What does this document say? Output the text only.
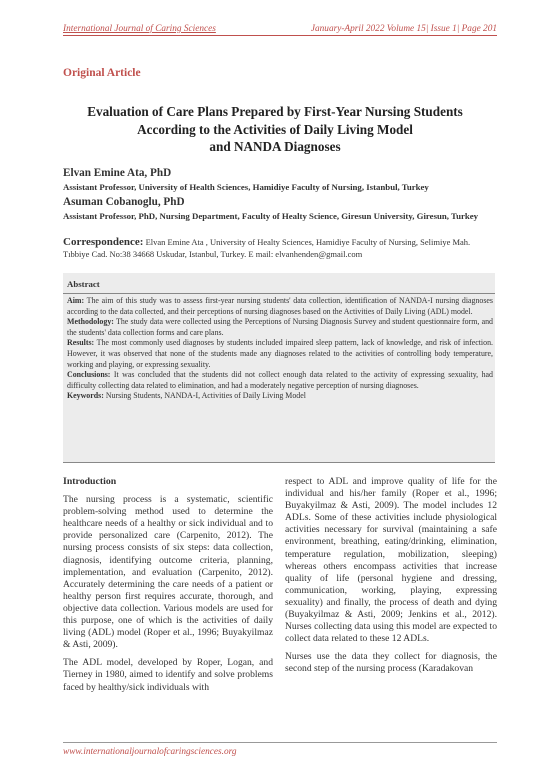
International Journal of Caring Sciences	January-April 2022 Volume 15| Issue 1| Page 201
Original Article
Evaluation of Care Plans Prepared by First-Year Nursing Students
According to the Activities of Daily Living Model
and NANDA Diagnoses
Elvan Emine Ata, PhD
Assistant Professor, University of Health Sciences, Hamidiye Faculty of Nursing, Istanbul, Turkey
Asuman Cobanoglu, PhD
Assistant Professor, PhD, Nursing Department, Faculty of Healty Science, Giresun University, Giresun, Turkey
Correspondence: Elvan Emine Ata , University of Healty Sciences, Hamidiye Faculty of Nursing, Selimiye Mah. Tıbbiye Cad. No:38 34668 Uskudar, Istanbul, Turkey. E mail: elvanhenden@gmail.com
Abstract

Aim: The aim of this study was to assess first-year nursing students' data collection, identification of NANDA-I nursing diagnoses according to the data collected, and their perceptions of nursing diagnoses based on the Activities of Daily Living (ADL) model.

Methodology: The study data were collected using the Perceptions of Nursing Diagnosis Survey and student questionnaire form, and the students' data collection forms and care plans.

Results: The most commonly used diagnoses by students included impaired sleep pattern, lack of knowledge, and risk of infection. However, it was observed that none of the students made any diagnoses related to the activities of controlling body temperature, working and playing, or expressing sexuality.

Conclusions: It was concluded that the students did not collect enough data related to the activity of expressing sexuality, had difficulty collecting data related to elimination, and had a moderately negative perception of nursing diagnoses.

Keywords: Nursing Students, NANDA-I, Activities of Daily Living Model

Introduction

The nursing process is a systematic, scientific problem-solving method used to determine the healthcare needs of a healthy or sick individual and to provide personalized care (Carpenito, 2012). The nursing process consists of six steps: data collection, diagnosis, identifying outcome criteria, planning, implementation, and evaluation (Carpenito, 2012). Accurately determining the care needs of a patient or healthy person first requires accurate, thorough, and objective data collection. Various models are used for this purpose, one of which is the activities of daily living (ADL) model (Roper et al., 1996; Buyakyilmaz & Asti, 2009).

The ADL model, developed by Roper, Logan, and Tierney in 1980, aimed to identify and solve problems faced by healthy/sick individuals with

respect to ADL and improve quality of life for the individual and his/her family (Roper et al., 1996; Buyakyilmaz & Asti, 2009). The model includes 12 ADLs. Some of these activities include physiological activities necessary for survival (maintaining a safe environment, breathing, eating/drinking, elimination, temperature regulation, mobilization, sleeping) whereas others encompass activities that increase quality of life (personal hygiene and dressing, communication, working, playing, expressing sexuality) and finally, the process of death and dying (Buyakyilmaz & Asti, 2009; Jenkins et al., 2012). Nurses collecting data using this model are expected to collect data related to these 12 ADLs.

Nurses use the data they collect for diagnosis, the second step of the nursing process (Karadakovan

www.internationaljournalofcaringsciences.org
